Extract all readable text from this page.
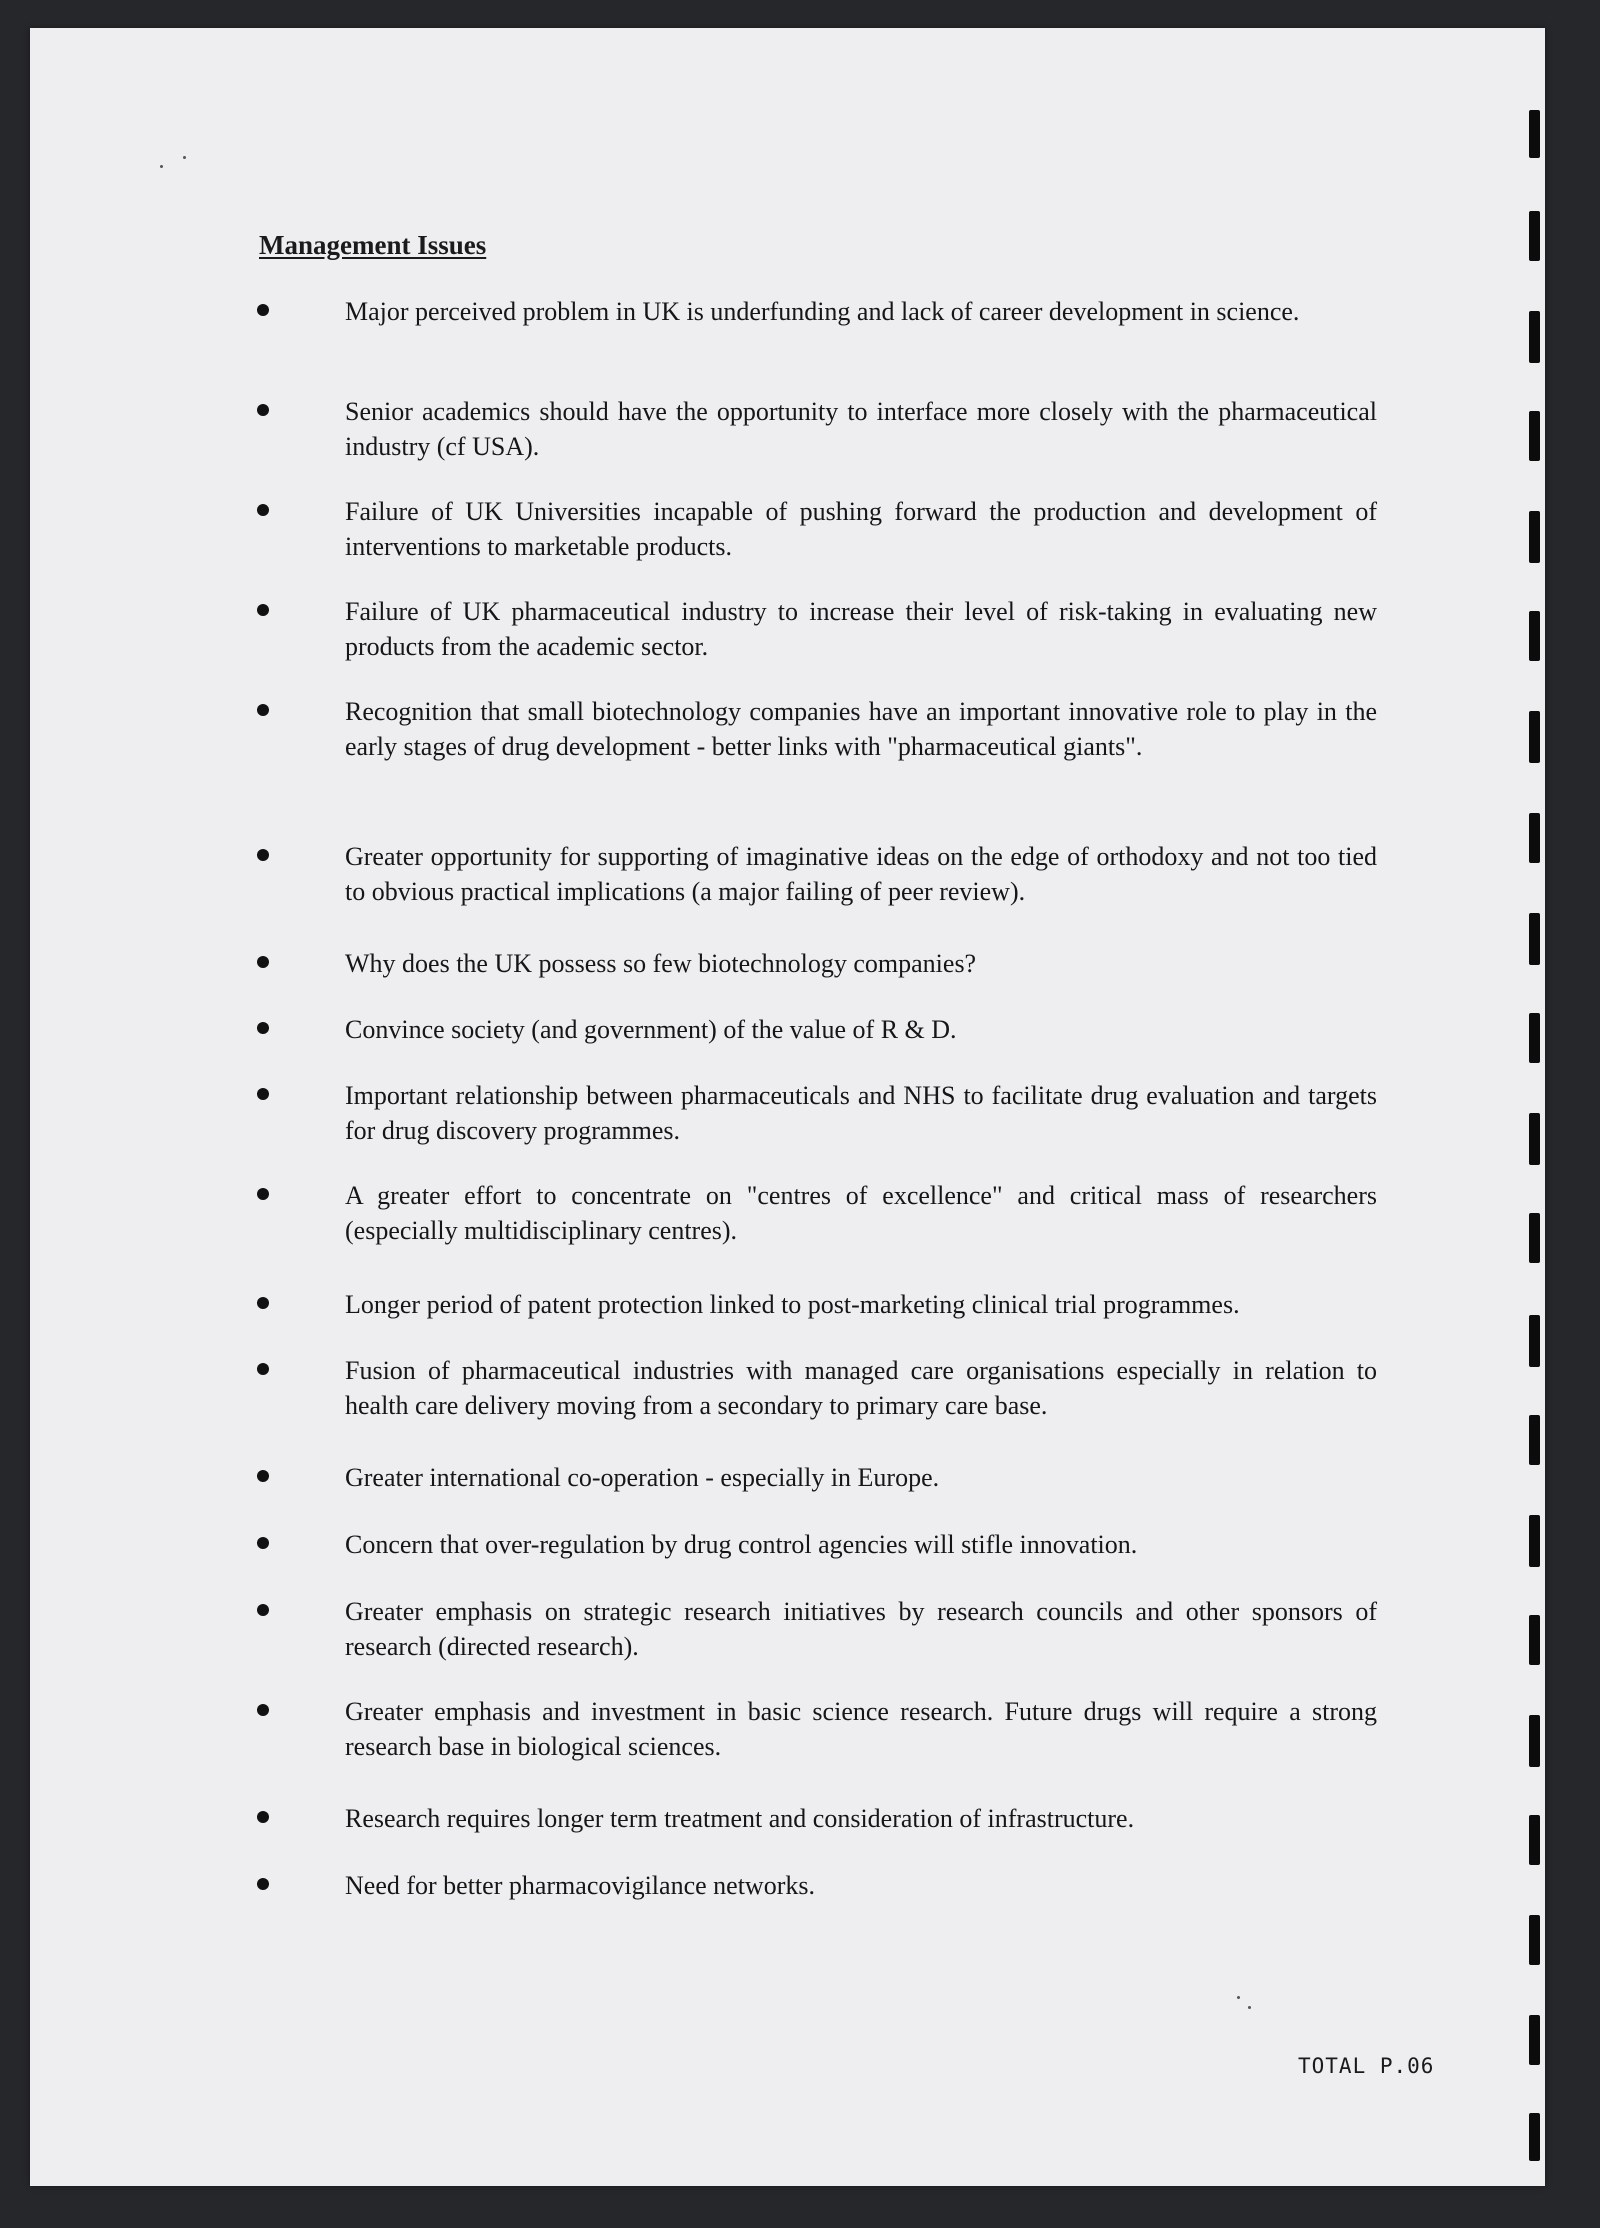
Management Issues
Major perceived problem in UK is underfunding and lack of career development in science.
Senior academics should have the opportunity to interface more closely with the pharmaceutical industry (cf USA).
Failure of UK Universities incapable of pushing forward the production and development of interventions to marketable products.
Failure of UK pharmaceutical industry to increase their level of risk-taking in evaluating new products from the academic sector.
Recognition that small biotechnology companies have an important innovative role to play in the early stages of drug development - better links with "pharmaceutical giants".
Greater opportunity for supporting of imaginative ideas on the edge of orthodoxy and not too tied to obvious practical implications (a major failing of peer review).
Why does the UK possess so few biotechnology companies?
Convince society (and government) of the value of R & D.
Important relationship between pharmaceuticals and NHS to facilitate drug evaluation and targets for drug discovery programmes.
A greater effort to concentrate on "centres of excellence" and critical mass of researchers (especially multidisciplinary centres).
Longer period of patent protection linked to post-marketing clinical trial programmes.
Fusion of pharmaceutical industries with managed care organisations especially in relation to health care delivery moving from a secondary to primary care base.
Greater international co-operation - especially in Europe.
Concern that over-regulation by drug control agencies will stifle innovation.
Greater emphasis on strategic research initiatives by research councils and other sponsors of research (directed research).
Greater emphasis and investment in basic science research. Future drugs will require a strong research base in biological sciences.
Research requires longer term treatment and consideration of infrastructure.
Need for better pharmacovigilance networks.
TOTAL P.06
